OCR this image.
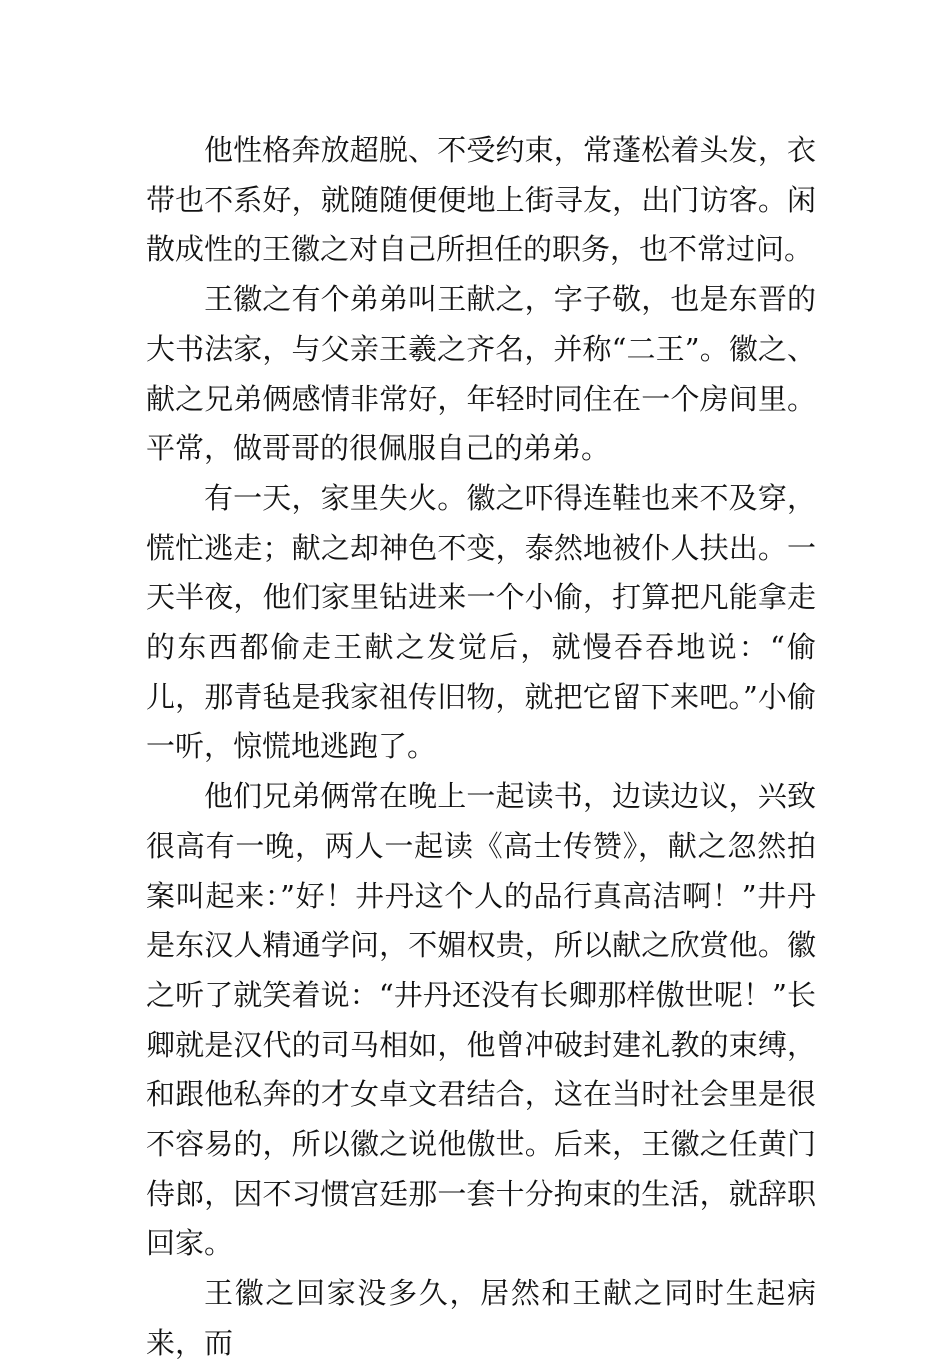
他性格奔放超脱、不受约束，常蓬松着头发，衣带也不系好，就随随便便地上街寻友，出门访客。闲散成性的王徽之对自己所担任的职务，也不常过问。

王徽之有个弟弟叫王献之，字子敬，也是东晋的大书法家，与父亲王羲之齐名，并称“二王”。徽之、献之兄弟俩感情非常好，年轻时同住在一个房间里。平常，做哥哥的很佩服自己的弟弟。

有一天，家里失火。徽之吓得连鞋也来不及穿，慌忙逃走；献之却神色不变，泰然地被仆人扶出。一天半夜，他们家里钻进来一个小偷，打算把凡能拿走的东西都偷走王献之发觉后，就慢吞吞地说：“偷儿，那青毡是我家祖传旧物，就把它留下来吧。”小偷一听，惊慌地逃跑了。

他们兄弟俩常在晚上一起读书，边读边议，兴致很高有一晚，两人一起读《高士传赞》，献之忽然拍案叫起来：”好！井丹这个人的品行真高洁啊！”井丹是东汉人精通学问，不媚权贵，所以献之欣赏他。徽之听了就笑着说：“井丹还没有长卿那样傲世呢！”长卿就是汉代的司马相如，他曾冲破封建礼教的束缚，和跟他私奔的才女卓文君结合，这在当时社会里是很不容易的，所以徽之说他傲世。后来，王徽之任黄门侍郎，因不习惯宫廷那一套十分拘束的生活，就辞职回家。

王徽之回家没多久，居然和王献之同时生起病来，而
